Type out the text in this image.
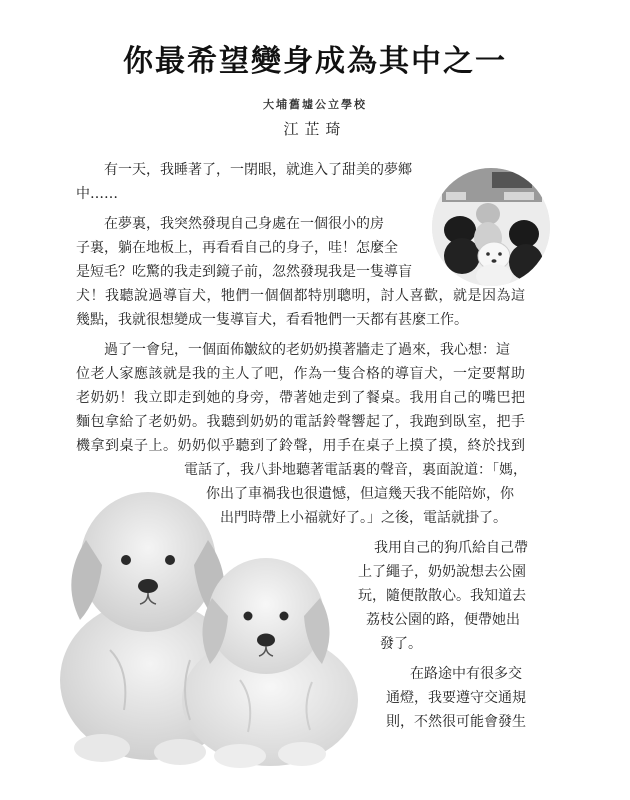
你最希望變身成為其中之一
大埔舊墟公立學校
江芷琦
有一天，我睡著了，一閉眼，就進入了甜美的夢鄉
中……
在夢裏，我突然發現自己身處在一個很小的房
子裏，躺在地板上，再看看自己的身子，哇！怎麼全
是短毛？吃驚的我走到鏡子前，忽然發現我是一隻導盲
犬！我聽說過導盲犬，牠們一個個都特別聰明，討人喜歡，就是因為這
幾點，我就很想變成一隻導盲犬，看看牠們一天都有甚麼工作。
過了一會兒，一個面佈皺紋的老奶奶摸著牆走了過來，我心想：這
位老人家應該就是我的主人了吧，作為一隻合格的導盲犬，一定要幫助
老奶奶！我立即走到她的身旁，帶著她走到了餐桌。我用自己的嘴巴把
麵包拿給了老奶奶。我聽到奶奶的電話鈴聲響起了，我跑到臥室，把手
機拿到桌子上。奶奶似乎聽到了鈴聲，用手在桌子上摸了摸，終於找到
電話了，我八卦地聽著電話裏的聲音，裏面說道：「媽，
你出了車禍我也很遺憾，但這幾天我不能陪妳，你
出門時帶上小福就好了。」之後，電話就掛了。
我用自己的狗爪給自己帶
上了繩子，奶奶說想去公園
玩，隨便散散心。我知道去
荔枝公園的路，便帶她出
發了。
在路途中有很多交
通燈，我要遵守交通規
則，不然很可能會發生
